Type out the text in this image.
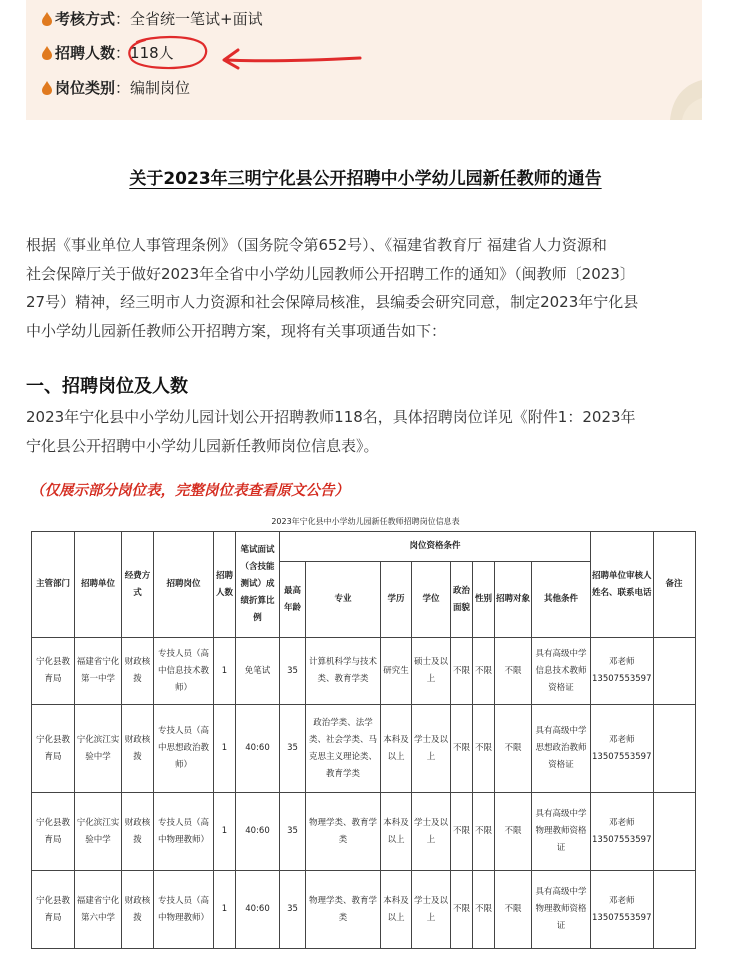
考核方式：全省统一笔试+面试
招聘人数：118人
岗位类别：编制岗位
关于2023年三明宁化县公开招聘中小学幼儿园新任教师的通告
根据《事业单位人事管理条例》（国务院令第652号）、《福建省教育厅 福建省人力资源和
社会保障厅关于做好2023年全省中小学幼儿园教师公开招聘工作的通知》（闽教师〔2023〕
27号）精神，经三明市人力资源和社会保障局核准，县编委会研究同意，制定2023年宁化县
中小学幼儿园新任教师公开招聘方案，现将有关事项通告如下：
一、招聘岗位及人数
2023年宁化县中小学幼儿园计划公开招聘教师118名，具体招聘岗位详见《附件1：2023年
宁化县公开招聘中小学幼儿园新任教师岗位信息表》。
（仅展示部分岗位表，完整岗位表查看原文公告）
2023年宁化县中小学幼儿园新任教师招聘岗位信息表
主管部门	招聘单位	经费方式	招聘岗位	招聘人数	笔试面试（含技能测试）成绩折算比例	岗位资格条件								招聘单位审核人姓名、联系电话	备注
						最高年龄	专业	学历	学位	政治面貌	性别	招聘对象	其他条件		
宁化县教育局	福建省宁化第一中学	财政核拨	专技人员（高中信息技术教师）	1	免笔试	35	计算机科学与技术类、教育学类	研究生	硕士及以上	不限	不限	不限	具有高级中学信息技术教师资格证	邓老师
13507553597	

宁化县教育局	宁化滨江实验中学	财政核拨	专技人员（高中思想政治教师）	1	40:60	35	政治学类、法学类、社会学类、马克思主义理论类、教育学类	本科及以上	学士及以上	不限	不限	不限	具有高级中学思想政治教师资格证	邓老师
13507553597	

宁化县教育局	宁化滨江实验中学	财政核拨	专技人员（高中物理教师）	1	40:60	35	物理学类、教育学类	本科及以上	学士及以上	不限	不限	不限	具有高级中学物理教师资格证	邓老师
13507553597	

宁化县教育局	福建省宁化第六中学	财政核拨	专技人员（高中物理教师）	1	40:60	35	物理学类、教育学类	本科及以上	学士及以上	不限	不限	不限	具有高级中学物理教师资格证	邓老师
13507553597	
